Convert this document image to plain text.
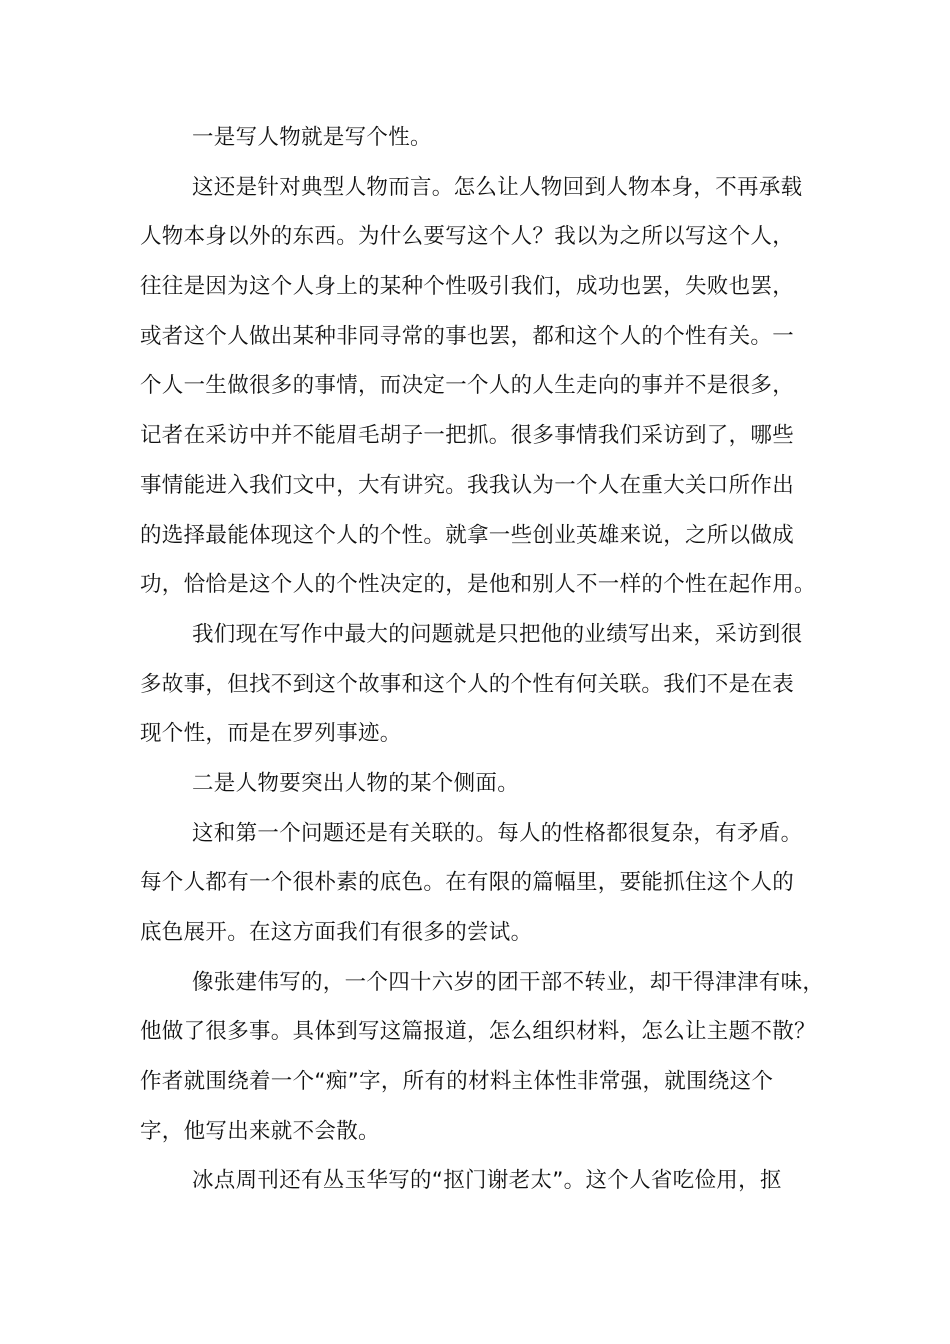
一是写人物就是写个性。
这还是针对典型人物而言。怎么让人物回到人物本身，不再承载
人物本身以外的东西。为什么要写这个人？我以为之所以写这个人，
往往是因为这个人身上的某种个性吸引我们，成功也罢，失败也罢，
或者这个人做出某种非同寻常的事也罢，都和这个人的个性有关。一
个人一生做很多的事情，而决定一个人的人生走向的事并不是很多，
记者在采访中并不能眉毛胡子一把抓。很多事情我们采访到了，哪些
事情能进入我们文中，大有讲究。我我认为一个人在重大关口所作出
的选择最能体现这个人的个性。就拿一些创业英雄来说，之所以做成
功，恰恰是这个人的个性决定的，是他和别人不一样的个性在起作用。
我们现在写作中最大的问题就是只把他的业绩写出来，采访到很
多故事，但找不到这个故事和这个人的个性有何关联。我们不是在表
现个性，而是在罗列事迹。
二是人物要突出人物的某个侧面。
这和第一个问题还是有关联的。每人的性格都很复杂，有矛盾。
每个人都有一个很朴素的底色。在有限的篇幅里，要能抓住这个人的
底色展开。在这方面我们有很多的尝试。
像张建伟写的，一个四十六岁的团干部不转业，却干得津津有味，
他做了很多事。具体到写这篇报道，怎么组织材料，怎么让主题不散？
作者就围绕着一个“痴”字，所有的材料主体性非常强，就围绕这个
字，他写出来就不会散。
冰点周刊还有丛玉华写的“抠门谢老太”。这个人省吃俭用，抠
